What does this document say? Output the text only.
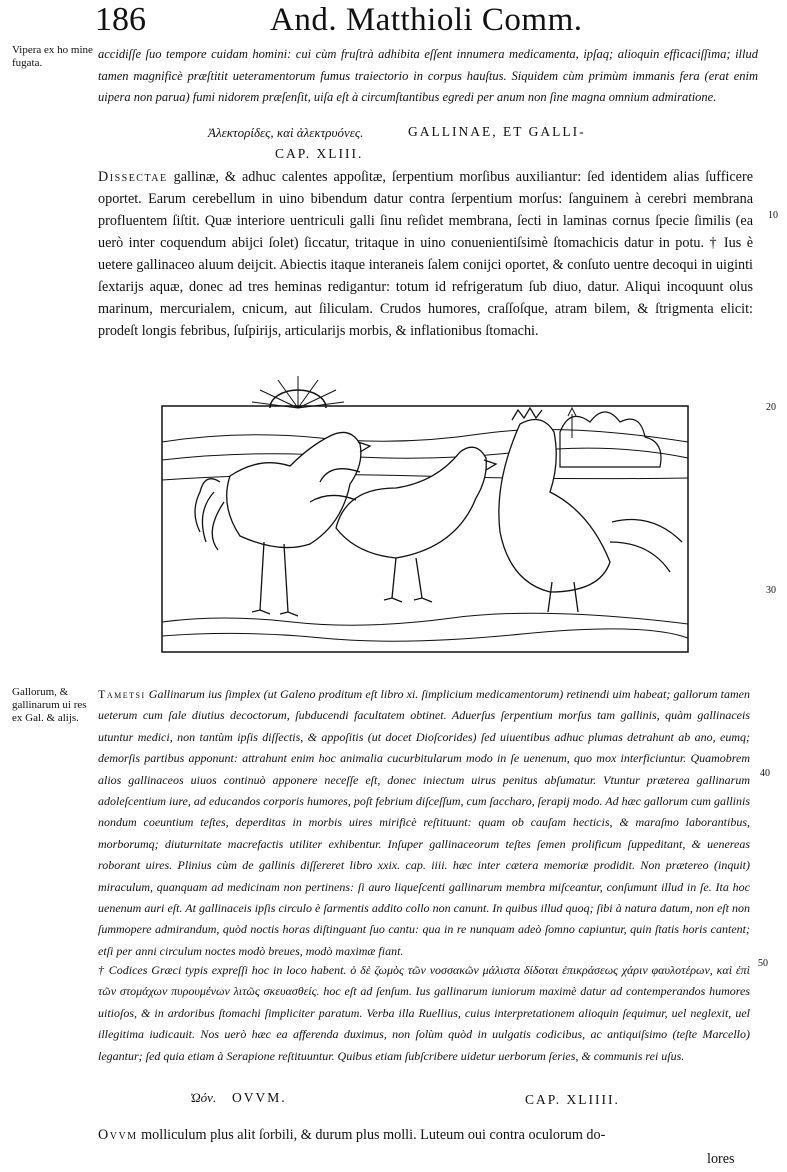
186	And. Matthioli Comm.
Vipera ex ho mine fugata.
accidiſſe ſuo tempore cuidam homini: cui cùm fruſtrà adhibita eſſent innumera medicamenta, ipſaq; alioquin efficaciſſima; illud tamen magnificè præſtitit ueteramentorum fumus traiectorio in corpus hauſtus. Siquidem cùm primùm immanis fera (erat enim uipera non parua) fumi nidorem præſenſit, uiſa eſt à circumſtantibus egredi per anum non ſine magna omnium admiratione.
Ἀλεκτορίδες, καὶ ἀλεκτρυόνες.	GALLINAE, ET GALLI-
CAP. XLIII.
Dissectae gallinæ, & adhuc calentes appoſitæ, ſerpentium morſibus auxiliantur: ſed identidem alias ſufficere oportet. Earum cerebellum in uino bibendum datur contra ſerpentium morſus: ſanguinem à cerebri membrana profluentem ſiſtit. Quæ interiore uentriculi galli ſinu reſidet membrana, ſecti in laminas cornus ſpecie ſimilis (ea uerò inter coquendum abijci ſolet) ſiccatur, tritaque in uino conuenientiſsimè ſtomachicis datur in potu. † Ius è uetere gallinaceo aluum deijcit. Abiectis itaque interaneis ſalem conijci oportet, & conſuto uentre decoqui in uiginti ſextarijs aquæ, donec ad tres heminas redigantur: totum id refrigeratum ſub diuo, datur. Aliqui incoquunt olus marinum, mercurialem, cnicum, aut ſiliculam. Crudos humores, craſſoſque, atram bilem, & ſtrigmenta elicit: prodeſt longis febribus, ſuſpirijs, articularijs morbis, & inflationibus ſtomachi.
10
20
30
40
50
Gallorum, & gallinarum ui res ex Gal. & alijs.
Tametsi Gallinarum ius ſimplex (ut Galeno proditum eſt libro xi. ſimplicium medicamentorum) retinendi uim habeat; gallorum tamen ueterum cum ſale diutius decoctorum, ſubducendi facultatem obtinet. Aduerſus ſerpentium morſus tam gallinis, quàm gallinaceis utuntur medici, non tantùm ipſis diſſectis, & appoſitis (ut docet Dioſcorides) ſed uiuentibus adhuc plumas detrahunt ab ano, eumq; demorſis partibus apponunt: attrahunt enim hoc animalia cucurbitularum modo in ſe uenenum, quo mox interficiuntur. Quamobrem alios gallinaceos uiuos continuò apponere neceſſe eſt, donec iniectum uirus penitus abſumatur. Vtuntur præterea gallinarum adoleſcentium iure, ad educandos corporis humores, poſt febrium diſceſſum, cum ſaccharo, ſerapij modo. Ad hæc gallorum cum gallinis nondum coeuntium teſtes, deperditas in morbis uires mirificè reſtituunt: quam ob cauſam hecticis, & maraſmo laborantibus, morborumq; diuturnitate macrefactis utiliter exhibentur. Inſuper gallinaceorum teſtes ſemen prolificum ſuppeditant, & uenereas roborant uires. Plinius cùm de gallinis diſſereret libro xxix. cap. iiii. hæc inter cætera memoriæ prodidit. Non prætereo (inquit) miraculum, quanquam ad medicinam non pertinens: ſi auro liqueſcenti gallinarum membra miſceantur, conſumunt illud in ſe. Ita hoc uenenum auri eſt. At gallinaceis ipſis circulo è ſarmentis addito collo non canunt. In quibus illud quoq; ſibi à natura datum, non eſt non ſummopere admirandum, quòd noctis horas diſtinguant ſuo cantu: qua in re nunquam adeò ſomno capiuntur, quin ſtatis horis cantent; etſi per anni circulum noctes modò breues, modò maximæ fiant.
† Codices Græci typis expreſſi hoc in loco habent. ὁ δὲ ζωμὸς τῶν νοσσακῶν μάλιστα δίδοται ἐπικράσεως χάριν φαυλοτέρων, καὶ ἐπὶ τῶν στομάχων πυρουμένων λιτῶς σκευασθείς. hoc eſt ad ſenſum. Ius gallinarum iuniorum maximè datur ad contemperandos humores uitioſos, & in ardoribus ſtomachi ſimpliciter paratum. Verba illa Ruellius, cuius interpretationem alioquin ſequimur, uel neglexit, uel illegitima iudicauit. Nos uerò hæc ea afferenda duximus, non ſolùm quòd in uulgatis codicibus, ac antiquiſsimo (teſte Marcello) legantur; ſed quia etiam à Serapione reſtituuntur. Quibus etiam ſubſcribere uidetur uerborum ſeries, & communis rei uſus.
Ὠόν. OVVM.	CAP. XLIIII.
Ovvm molliculum plus alit ſorbili, & durum plus molli. Luteum oui contra oculorum do-
lores
